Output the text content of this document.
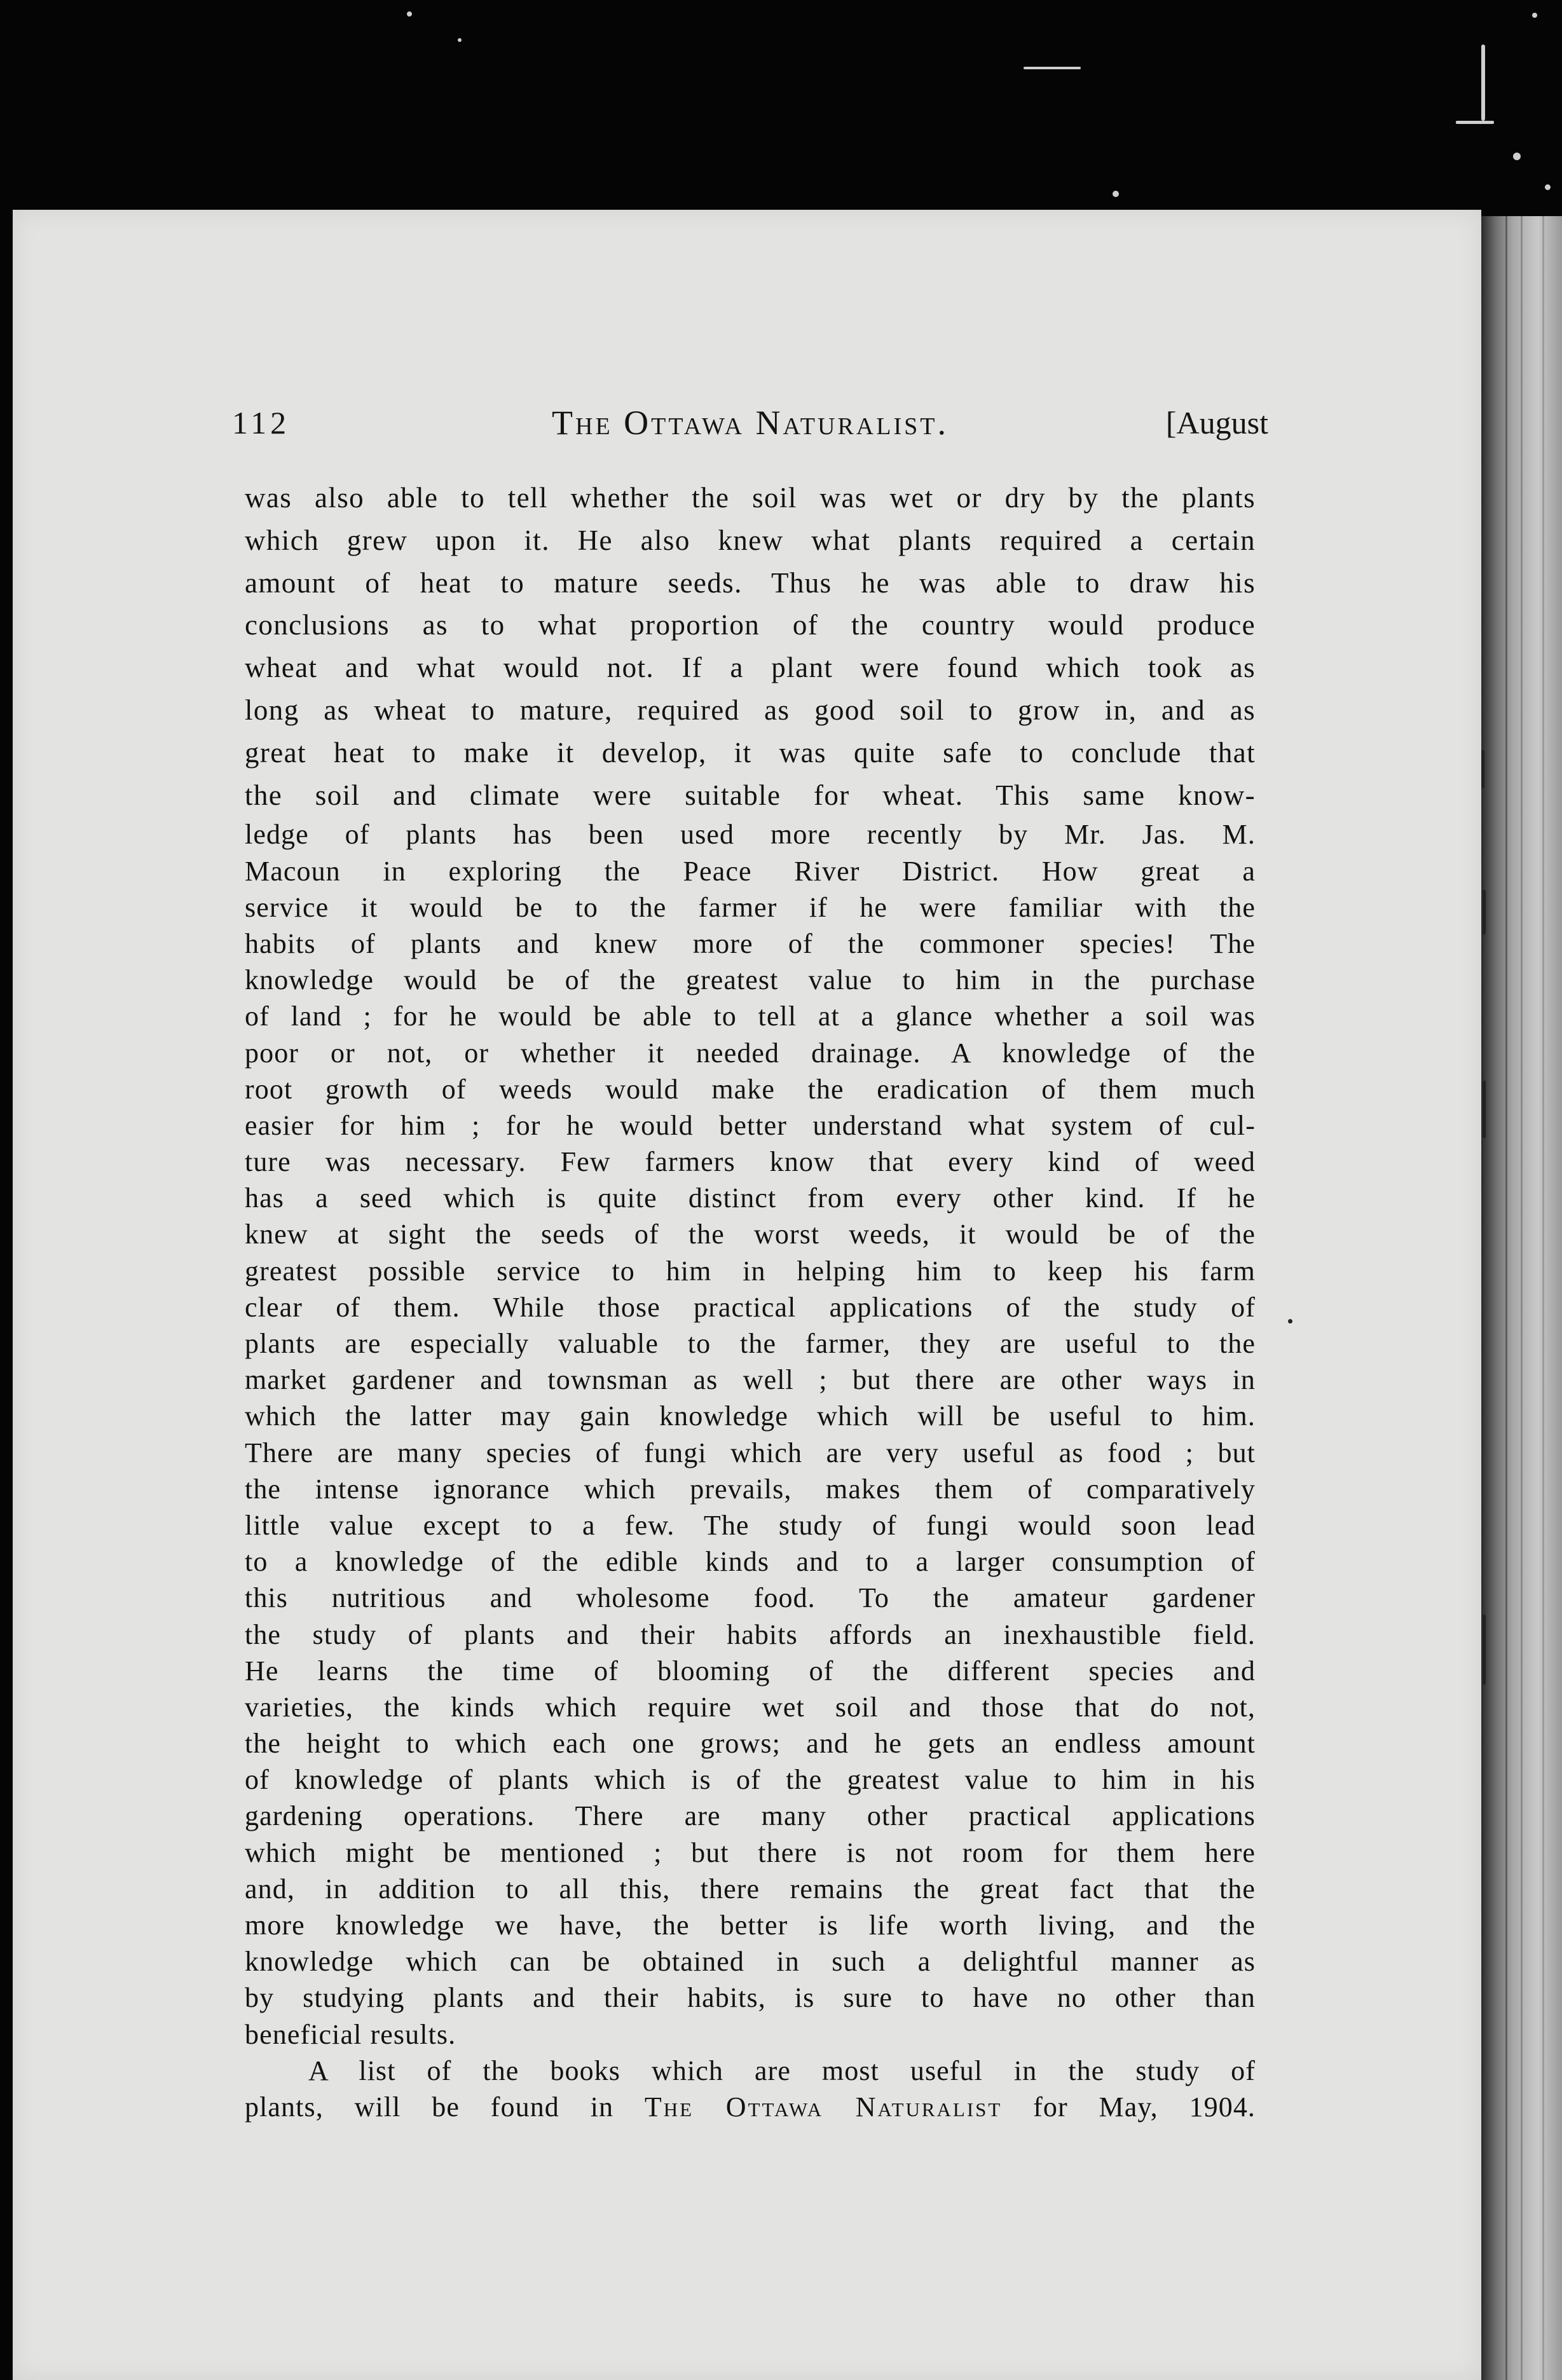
112	The Ottawa Naturalist.	[August
was also able to tell whether the soil was wet or dry by the plants
which grew upon it. He also knew what plants required a certain
amount of heat to mature seeds. Thus he was able to draw his
conclusions as to what proportion of the country would produce
wheat and what would not. If a plant were found which took as
long as wheat to mature, required as good soil to grow in, and as
great heat to make it develop, it was quite safe to conclude that
the soil and climate were suitable for wheat. This same know-
ledge of plants has been used more recently by Mr. Jas. M.
Macoun in exploring the Peace River District. How great a
service it would be to the farmer if he were familiar with the
habits of plants and knew more of the commoner species! The
knowledge would be of the greatest value to him in the purchase
of land ; for he would be able to tell at a glance whether a soil was
poor or not, or whether it needed drainage. A knowledge of the
root growth of weeds would make the eradication of them much
easier for him ; for he would better understand what system of cul-
ture was necessary. Few farmers know that every kind of weed
has a seed which is quite distinct from every other kind. If he
knew at sight the seeds of the worst weeds, it would be of the
greatest possible service to him in helping him to keep his farm
clear of them. While those practical applications of the study of
plants are especially valuable to the farmer, they are useful to the
market gardener and townsman as well ; but there are other ways in
which the latter may gain knowledge which will be useful to him.
There are many species of fungi which are very useful as food ; but
the intense ignorance which prevails, makes them of comparatively
little value except to a few. The study of fungi would soon lead
to a knowledge of the edible kinds and to a larger consumption of
this nutritious and wholesome food. To the amateur gardener
the study of plants and their habits affords an inexhaustible field.
He learns the time of blooming of the different species and
varieties, the kinds which require wet soil and those that do not,
the height to which each one grows; and he gets an endless amount
of knowledge of plants which is of the greatest value to him in his
gardening operations. There are many other practical applications
which might be mentioned ; but there is not room for them here
and, in addition to all this, there remains the great fact that the
more knowledge we have, the better is life worth living, and the
knowledge which can be obtained in such a delightful manner as
by studying plants and their habits, is sure to have no other than
beneficial results.
A list of the books which are most useful in the study of
plants, will be found in The Ottawa Naturalist for May, 1904.
